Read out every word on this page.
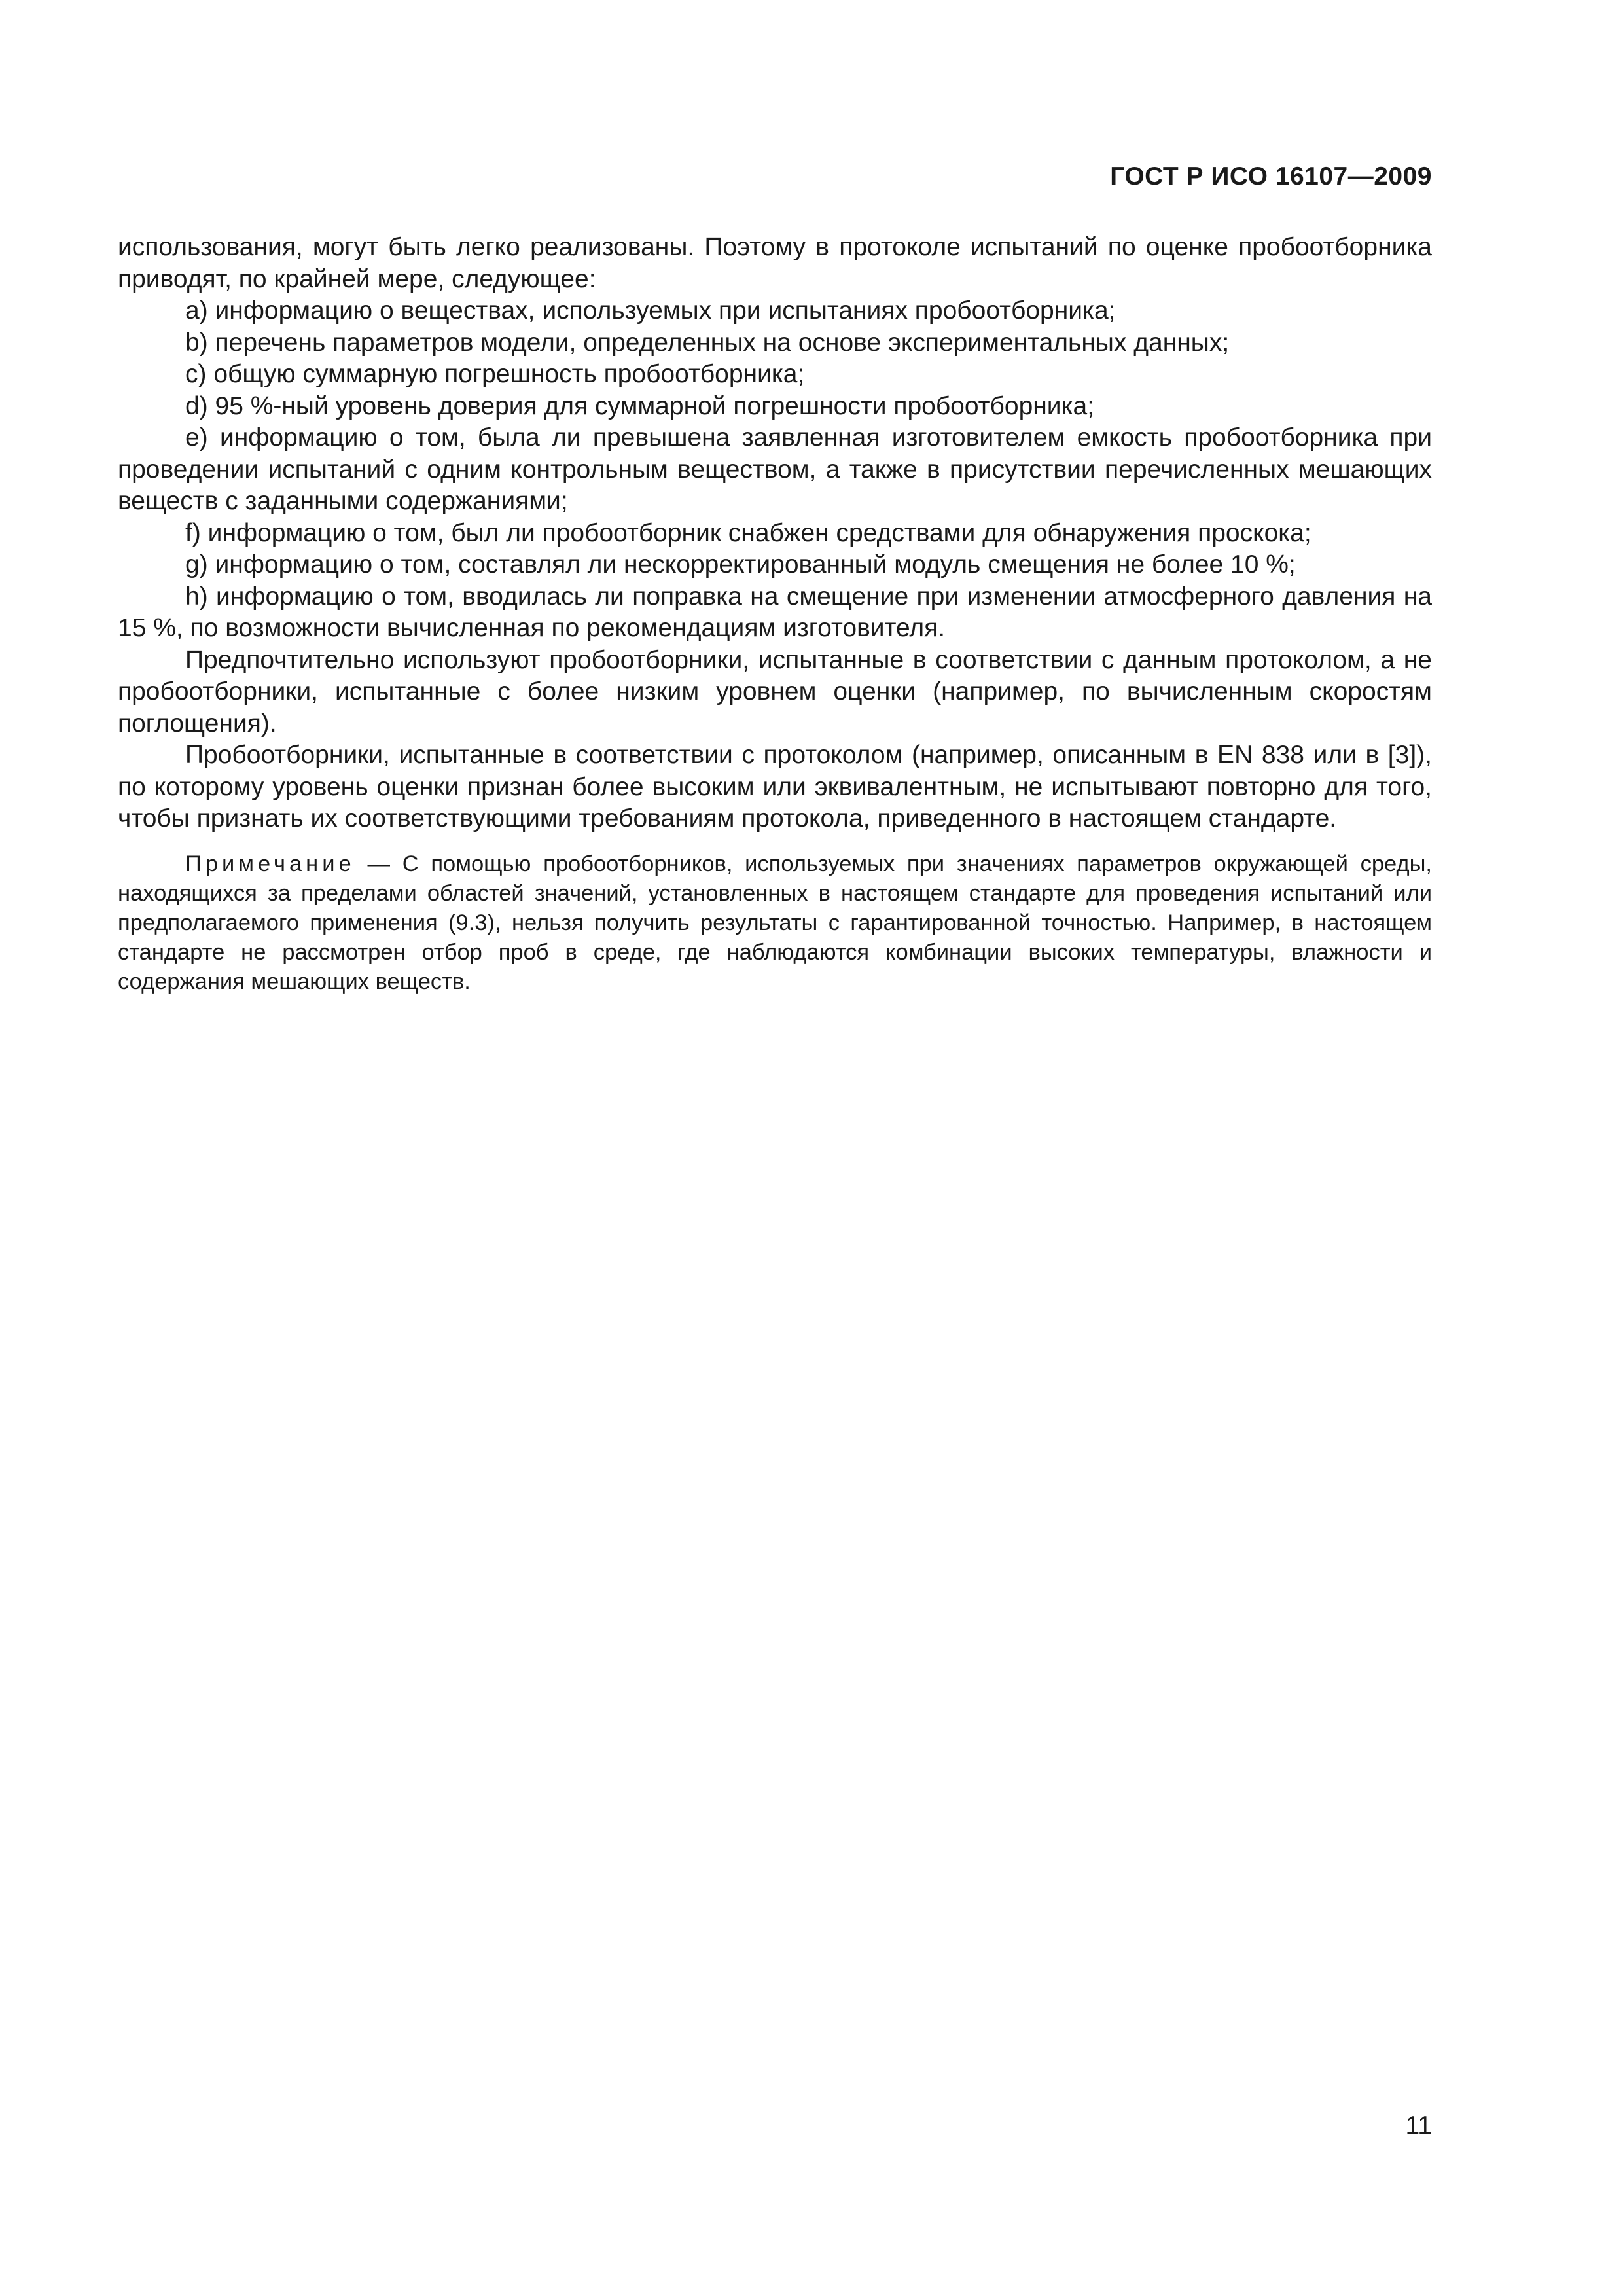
ГОСТ Р ИСО 16107—2009

использования, могут быть легко реализованы. Поэтому в протоколе испытаний по оценке пробоотборника приводят, по крайней мере, следующее:

a) информацию о веществах, используемых при испытаниях пробоотборника;

b) перечень параметров модели, определенных на основе экспериментальных данных;

c) общую суммарную погрешность пробоотборника;

d) 95 %-ный уровень доверия для суммарной погрешности пробоотборника;

e) информацию о том, была ли превышена заявленная изготовителем емкость пробоотборника при проведении испытаний с одним контрольным веществом, а также в присутствии перечисленных мешающих веществ с заданными содержаниями;

f) информацию о том, был ли пробоотборник снабжен средствами для обнаружения проскока;

g) информацию о том, составлял ли нескорректированный модуль смещения не более 10 %;

h) информацию о том, вводилась ли поправка на смещение при изменении атмосферного давления на 15 %, по возможности вычисленная по рекомендациям изготовителя.

Предпочтительно используют пробоотборники, испытанные в соответствии с данным протоколом, а не пробоотборники, испытанные с более низким уровнем оценки (например, по вычисленным скоростям поглощения).

Пробоотборники, испытанные в соответствии с протоколом (например, описанным в EN 838 или в [3]), по которому уровень оценки признан более высоким или эквивалентным, не испытывают повторно для того, чтобы признать их соответствующими требованиям протокола, приведенного в настоящем стандарте.

Примечание — С помощью пробоотборников, используемых при значениях параметров окружающей среды, находящихся за пределами областей значений, установленных в настоящем стандарте для проведения испытаний или предполагаемого применения (9.3), нельзя получить результаты с гарантированной точностью. Например, в настоящем стандарте не рассмотрен отбор проб в среде, где наблюдаются комбинации высоких температуры, влажности и содержания мешающих веществ.

11
